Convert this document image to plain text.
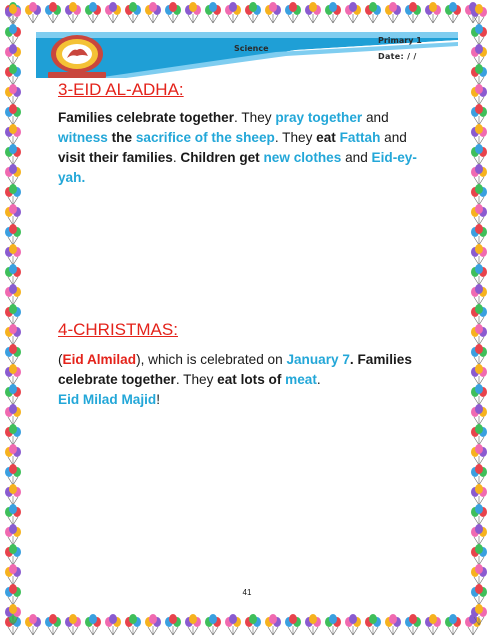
Science
Primary 1
Date: / /
3-EID AL-ADHA:

Families celebrate together. They pray together and witness the sacrifice of the sheep. They eat Fattah and visit their families. Children get new clothes and Eid-ey-yah.

4-CHRISTMAS:

(Eid Almilad), which is celebrated on January 7. Families celebrate together. They eat lots of meat.

Eid Milad Majid!

41
